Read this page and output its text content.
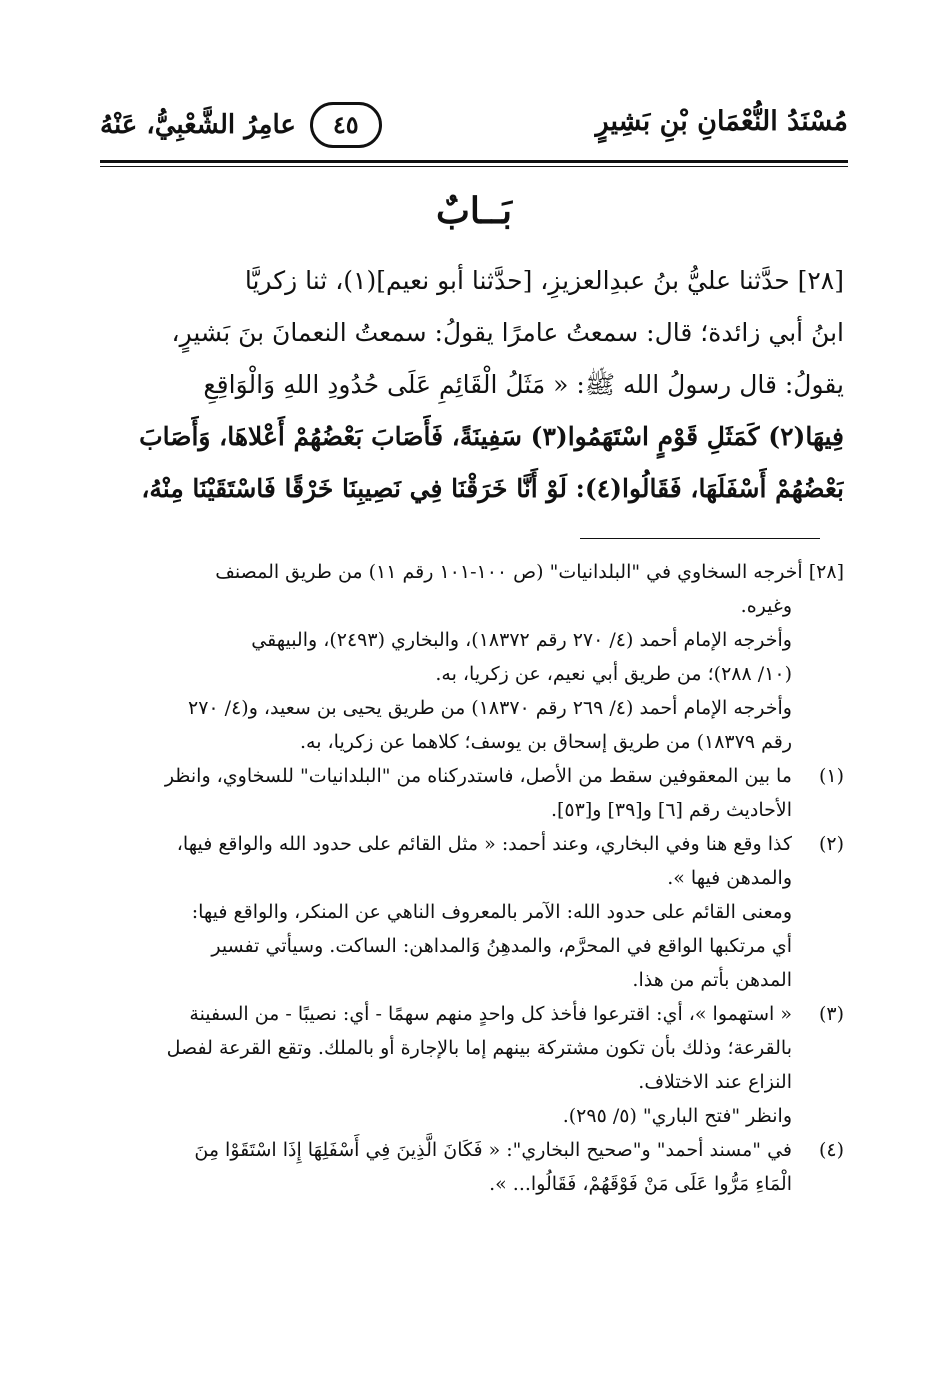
مُسْنَدُ النُّعْمَانِ بْنِ بَشِيرٍ
عامِرُ الشَّعْبِيُّ، عَنْهُ	٤٥
بَــابٌ
[٢٨] حدَّثنا عليُّ بنُ عبدِالعزيزِ، [حدَّثنا أبو نعيم](١)، ثنا زكريَّا
ابنُ أبي زائدة؛ قال: سمعتُ عامرًا يقولُ: سمعتُ النعمانَ بنَ بَشيرٍ،
يقولُ: قال رسولُ الله ﷺ: « مَثَلُ الْقَائِمِ عَلَى حُدُودِ اللهِ وَالْوَاقِعِ
فِيهَا(٢) كَمَثَلِ قَوْمٍ اسْتَهَمُوا(٣) سَفِينَةً، فَأَصَابَ بَعْضُهُمْ أَعْلاهَا، وَأَصَابَ
بَعْضُهُمْ أَسْفَلَهَا، فَقَالُوا(٤): لَوْ أَنَّا خَرَقْنَا فِي نَصِيبِنَا خَرْقًا فَاسْتَقَيْنَا مِنْهُ،
[٢٨] أخرجه السخاوي في "البلدانيات" (ص ١٠٠-١٠١ رقم ١١) من طريق المصنف
وغيره.
وأخرجه الإمام أحمد (٤/ ٢٧٠ رقم ١٨٣٧٢)، والبخاري (٢٤٩٣)، والبيهقي
(١٠/ ٢٨٨)؛ من طريق أبي نعيم، عن زكريا، به.
وأخرجه الإمام أحمد (٤/ ٢٦٩ رقم ١٨٣٧٠) من طريق يحيى بن سعيد، و(٤/ ٢٧٠
رقم ١٨٣٧٩) من طريق إسحاق بن يوسف؛ كلاهما عن زكريا، به.
(١)
ما بين المعقوفين سقط من الأصل، فاستدركناه من "البلدانيات" للسخاوي، وانظر
الأحاديث رقم [٦] و[٣٩] و[٥٣].
(٢)
كذا وقع هنا وفي البخاري، وعند أحمد: « مثل القائم على حدود الله والواقع فيها،
والمدهن فيها ».
ومعنى القائم على حدود الله: الآمر بالمعروف الناهي عن المنكر، والواقع فيها:
أي مرتكبها الواقع في المحرَّم، والمدهِنُ وَالمداهن: الساكت. وسيأتي تفسير
المدهن بأتم من هذا.
(٣)
« استهموا »، أي: اقترعوا فأخذ كل واحدٍ منهم سهمًا - أي: نصيبًا - من السفينة
بالقرعة؛ وذلك بأن تكون مشتركة بينهم إما بالإجارة أو بالملك. وتقع القرعة لفصل
النزاع عند الاختلاف.
وانظر "فتح الباري" (٥/ ٢٩٥).
(٤)
في "مسند أحمد" و"صحيح البخاري": « فَكَانَ الَّذِينَ فِي أَسْفَلِهَا إِذَا اسْتَقَوْا مِنَ
الْمَاءِ مَرُّوا عَلَى مَنْ فَوْقَهُمْ، فَقَالُوا... ».
